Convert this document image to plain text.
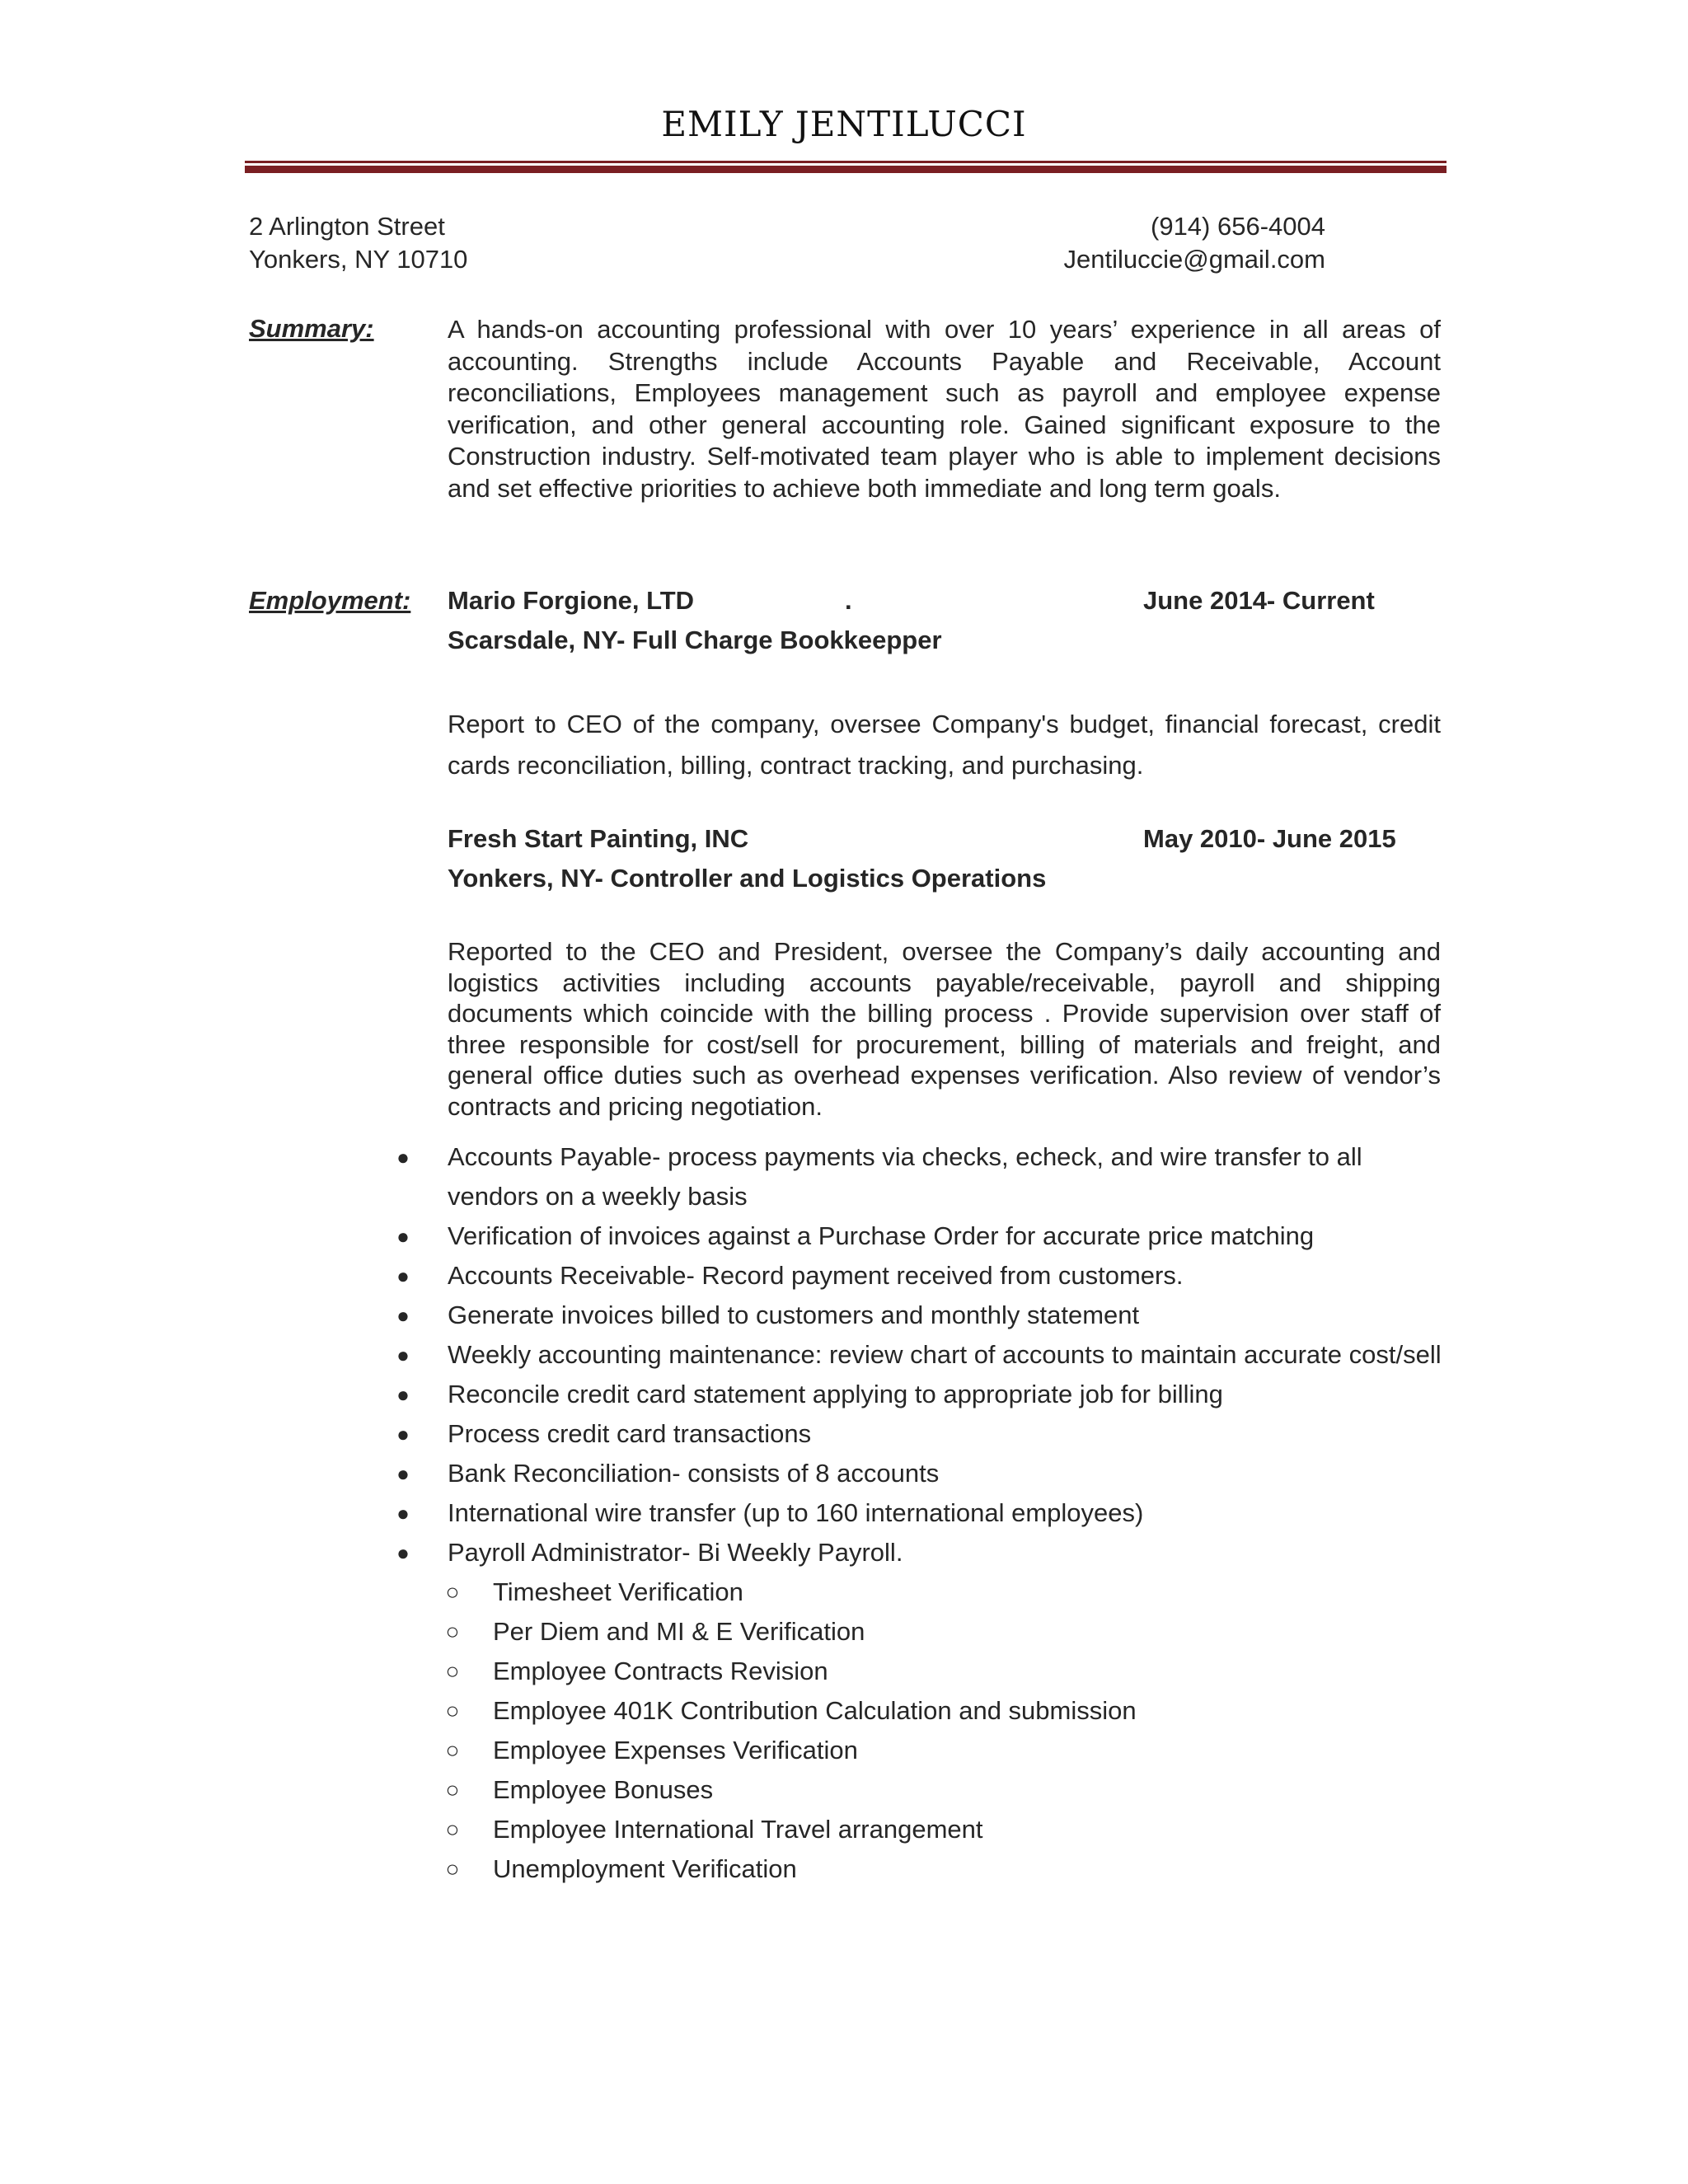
EMILY JENTILUCCI
2 Arlington Street
Yonkers, NY 10710
(914) 656-4004
Jentiluccie@gmail.com
Summary:	A hands-on accounting professional with over 10 years’ experience in all areas of accounting. Strengths include Accounts Payable and Receivable, Account reconciliations, Employees management such as payroll and employee expense verification, and other general accounting role. Gained significant exposure to the Construction industry. Self-motivated team player who is able to implement decisions and set effective priorities to achieve both immediate and long term goals.
Employment: Mario Forgione, LTD	.	June 2014- Current
Scarsdale, NY- Full Charge Bookkeepper
Report to CEO of the company, oversee Company's budget, financial forecast, credit cards reconciliation, billing, contract tracking, and purchasing.
Fresh Start Painting, INC	May 2010- June 2015
Yonkers, NY- Controller and Logistics Operations
Reported to the CEO and President, oversee the Company’s daily accounting and logistics activities including accounts payable/receivable, payroll and shipping documents which coincide with the billing process . Provide supervision over staff of three responsible for cost/sell for procurement, billing of materials and freight, and general office duties such as overhead expenses verification. Also review of vendor’s contracts and pricing negotiation.
● Accounts Payable- process payments via checks, echeck, and wire transfer to all vendors on a weekly basis
● Verification of invoices against a Purchase Order for accurate price matching
● Accounts Receivable- Record payment received from customers.
● Generate invoices billed to customers and monthly statement
● Weekly accounting maintenance: review chart of accounts to maintain accurate cost/sell
● Reconcile credit card statement applying to appropriate job for billing
● Process credit card transactions
● Bank Reconciliation- consists of 8 accounts
● International wire transfer (up to 160 international employees)
● Payroll Administrator- Bi Weekly Payroll.
○ Timesheet Verification
○ Per Diem and MI & E Verification
○ Employee Contracts Revision
○ Employee 401K Contribution Calculation and submission
○ Employee Expenses Verification
○ Employee Bonuses
○ Employee International Travel arrangement
○ Unemployment Verification
